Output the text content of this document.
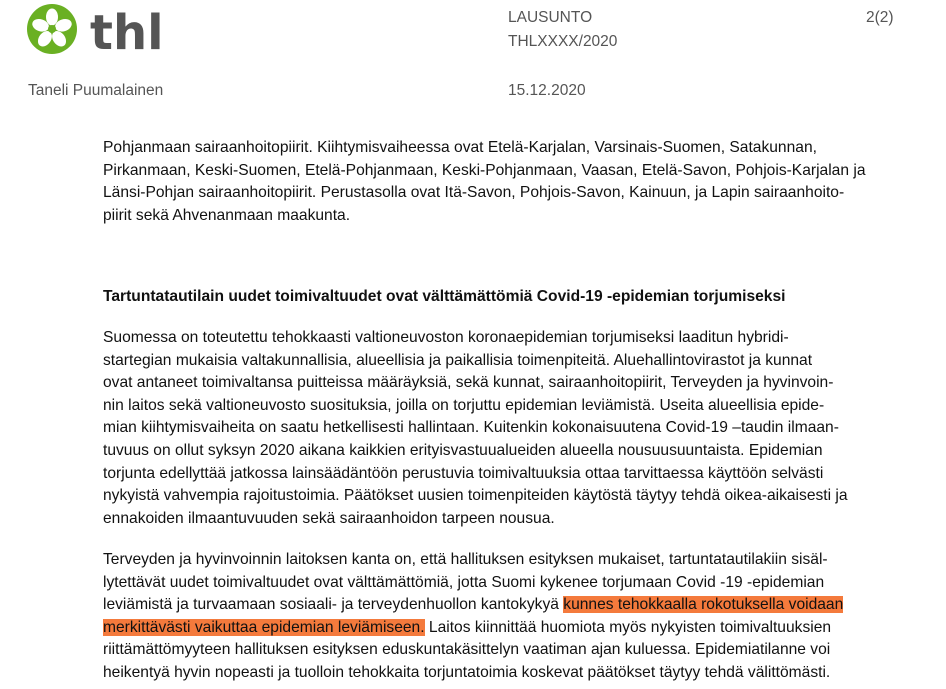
thl	LAUSUNTO	2(2)
THLXXXX/2020
Taneli Puumalainen	15.12.2020
Pohjanmaan sairaanhoitopiirit. Kiihtymisvaiheessa ovat Etelä-Karjalan, Varsinais-Suomen, Satakunnan,
Pirkanmaan, Keski-Suomen, Etelä-Pohjanmaan, Keski-Pohjanmaan, Vaasan, Etelä-Savon, Pohjois-Karjalan ja
Länsi-Pohjan sairaanhoitopiirit. Perustasolla ovat Itä-Savon, Pohjois-Savon, Kainuun, ja Lapin sairaanhoito-
piirit sekä Ahvenanmaan maakunta.
Tartuntatautilain uudet toimivaltuudet ovat välttämättömiä Covid-19 -epidemian torjumiseksi
Suomessa on toteutettu tehokkaasti valtioneuvoston koronaepidemian torjumiseksi laaditun hybridi-
startegian mukaisia valtakunnallisia, alueellisia ja paikallisia toimenpiteitä. Aluehallintovirastot ja kunnat
ovat antaneet toimivaltansa puitteissa määräyksiä, sekä kunnat, sairaanhoitopiirit, Terveyden ja hyvinvoin-
nin laitos sekä valtioneuvosto suosituksia, joilla on torjuttu epidemian leviämistä. Useita alueellisia epide-
mian kiihtymisvaiheita on saatu hetkellisesti hallintaan. Kuitenkin kokonaisuutena Covid-19 –taudin ilmaan-
tuvuus on ollut syksyn 2020 aikana kaikkien erityisvastuualueiden alueella nousuusuuntaista. Epidemian
torjunta edellyttää jatkossa lainsäädäntöön perustuvia toimivaltuuksia ottaa tarvittaessa käyttöön selvästi
nykyistä vahvempia rajoitustoimia. Päätökset uusien toimenpiteiden käytöstä täytyy tehdä oikea-aikaisesti ja
ennakoiden ilmaantuvuuden sekä sairaanhoidon tarpeen nousua.
Terveyden ja hyvinvoinnin laitoksen kanta on, että hallituksen esityksen mukaiset, tartuntatautilakiin sisäl-
lytettävät uudet toimivaltuudet ovat välttämättömiä, jotta Suomi kykenee torjumaan Covid -19 -epidemian
leviämistä ja turvaamaan sosiaali- ja terveydenhuollon kantokykyä kunnes tehokkaalla rokotuksella voidaan
merkittävästi vaikuttaa epidemian leviämiseen. Laitos kiinnittää huomiota myös nykyisten toimivaltuuksien
riittämättömyyteen hallituksen esityksen eduskuntakäsittelyn vaatiman ajan kuluessa. Epidemiatilanne voi
heikentyä hyvin nopeasti ja tuolloin tehokkaita torjuntatoimia koskevat päätökset täytyy tehdä välittömästi.
